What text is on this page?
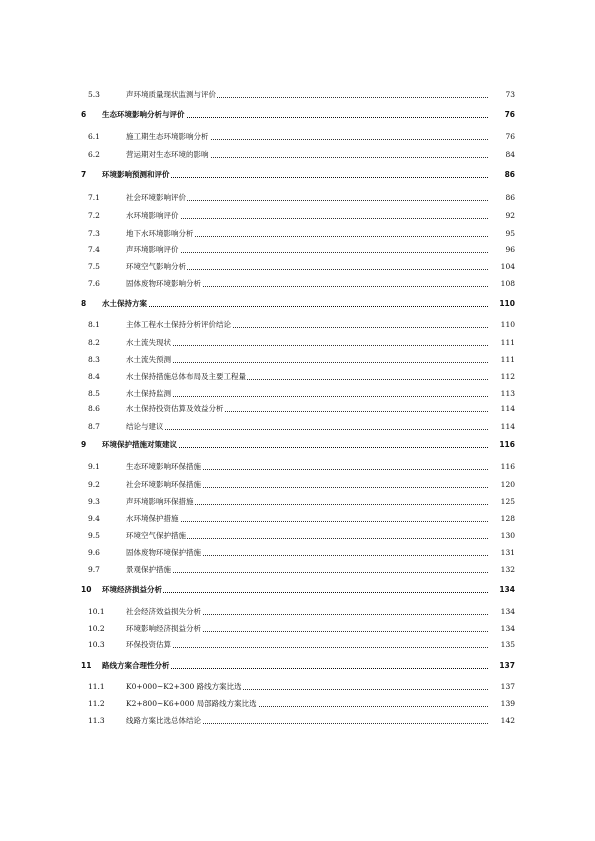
5.3	声环境质量现状监测与评价	73
6 生态环境影响分析与评价	76
6.1	施工期生态环境影响分析	76
6.2	营运期对生态环境的影响	84
7 环境影响预测和评价	86
7.1	社会环境影响评价	86
7.2	水环境影响评价	92
7.3	地下水环境影响分析	95
7.4	声环境影响评价	96
7.5	环境空气影响分析	104
7.6	固体废物环境影响分析	108
8 水土保持方案	110
8.1	主体工程水土保持分析评价结论	110
8.2	水土流失现状	111
8.3	水土流失预测	111
8.4	水土保持措施总体布局及主要工程量	112
8.5	水土保持监测	113
8.6	水土保持投资估算及效益分析	114
8.7	结论与建议	114
9 环境保护措施对策建议	116
9.1	生态环境影响环保措施	116
9.2	社会环境影响环保措施	120
9.3	声环境影响环保措施	125
9.4	水环境保护措施	128
9.5	环境空气保护措施	130
9.6	固体废物环境保护措施	131
9.7	景观保护措施	132
10 环境经济损益分析	134
10.1	社会经济效益损失分析	134
10.2	环境影响经济损益分析	134
10.3	环保投资估算	135
11 路线方案合理性分析	137
11.1	K0+000~K2+300 路线方案比选	137
11.2	K2+800~K6+000 局部路线方案比选	139
11.3	线路方案比选总体结论	142
